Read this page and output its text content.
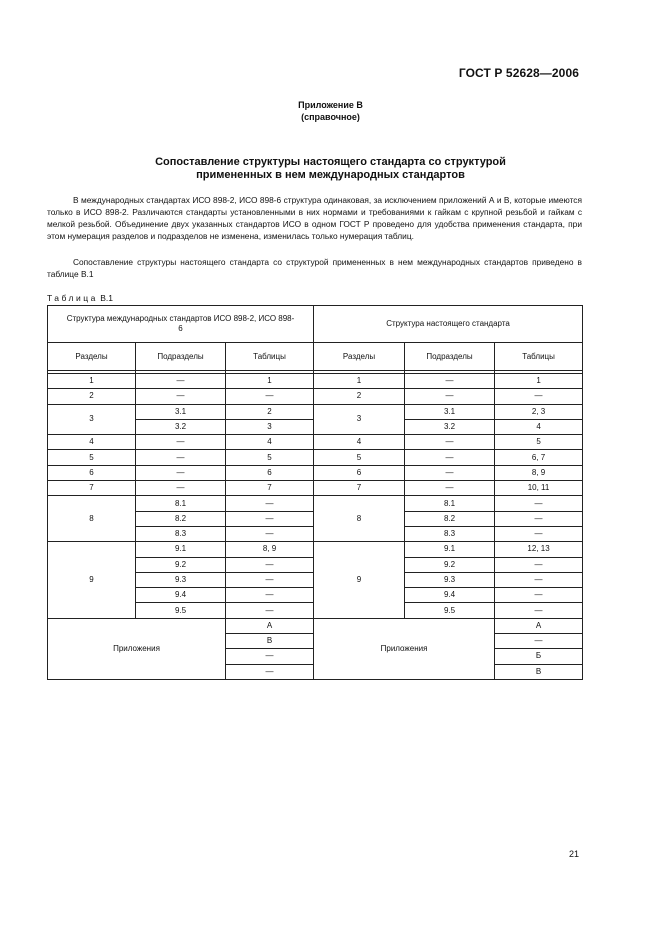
ГОСТ Р 52628—2006
Приложение В
(справочное)
Сопоставление структуры настоящего стандарта со структурой
примененных в нем международных стандартов

В международных стандартах ИСО 898-2, ИСО 898-6 структура одинаковая, за исключением приложений А и В, которые имеются только в ИСО 898-2. Различаются стандарты установленными в них нормами и требованиями к гайкам с крупной резьбой и гайкам с мелкой резьбой. Объединение двух указанных стандартов ИСО в одном ГОСТ Р проведено для удобства применения стандарта, при этом нумерация разделов и подразделов не изменена, изменилась только нумерация таблиц.

Сопоставление структуры настоящего стандарта со структурой примененных в нем международных стандартов приведено в таблице В.1

Таблица В.1
Структура международных стандартов ИСО 898-2, ИСО 898-6			Структура настоящего стандарта		
Разделы	Подразделы	Таблицы	Разделы	Подразделы	Таблицы

1	—	1	1	—	1
2	—	—	2	—	—
3	3.1	2	3	3.1	2, 3
	3.2	3		3.2	4
4	—	4	4	—	5
5	—	5	5	—	6, 7
6	—	6	6	—	8, 9
7	—	7	7	—	10, 11
8	8.1	—	8	8.1	—
	8.2	—		8.2	—
	8.3	—		8.3	—
9	9.1	8, 9	9	9.1	12, 13
	9.2	—		9.2	—
	9.3	—		9.3	—
	9.4	—		9.4	—
	9.5	—		9.5	—
Приложения		А	Приложения		А
		В			—
		—			Б
		—			В
21
